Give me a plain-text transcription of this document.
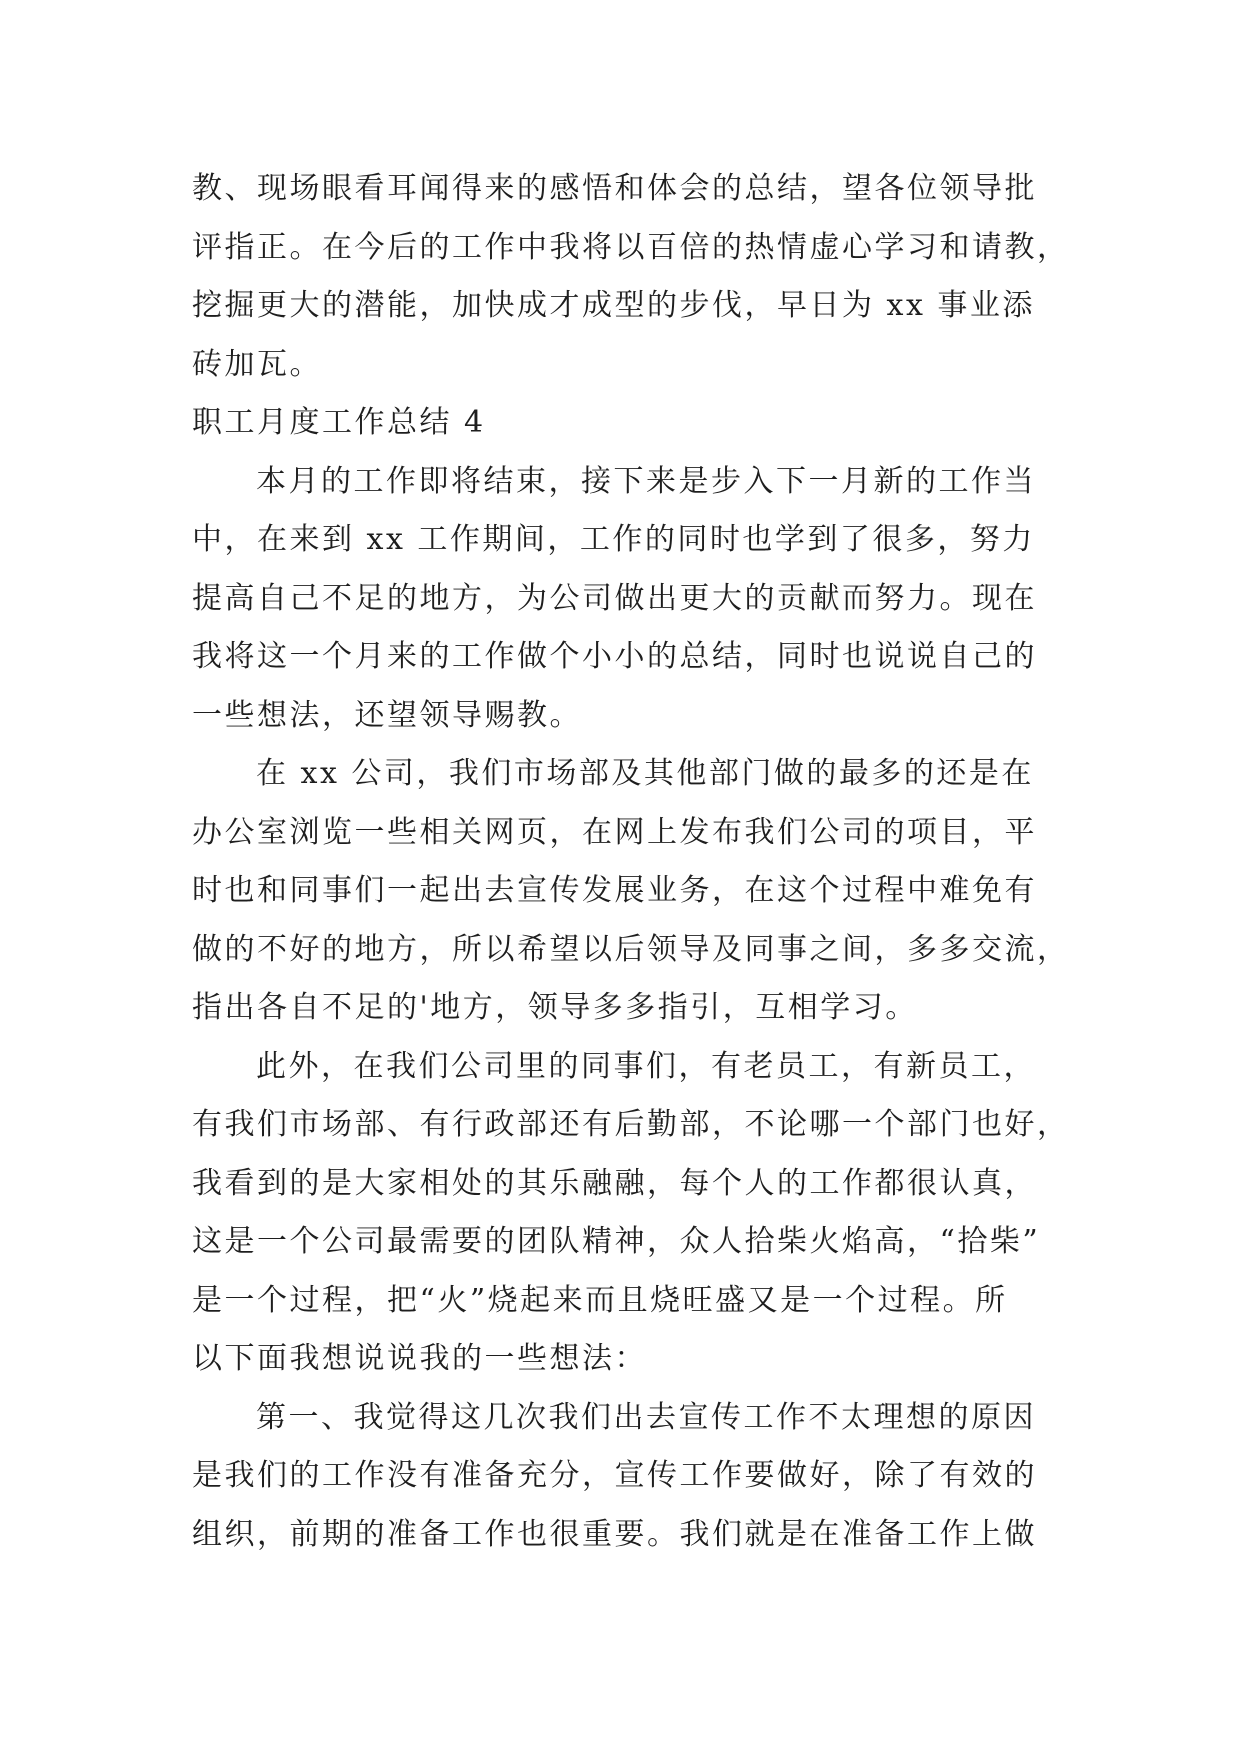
教、现场眼看耳闻得来的感悟和体会的总结，望各位领导批
评指正。在今后的工作中我将以百倍的热情虚心学习和请教，
挖掘更大的潜能，加快成才成型的步伐，早日为 xx 事业添
砖加瓦。
职工月度工作总结 4
本月的工作即将结束，接下来是步入下一月新的工作当
中，在来到 xx 工作期间，工作的同时也学到了很多，努力
提高自己不足的地方，为公司做出更大的贡献而努力。现在
我将这一个月来的工作做个小小的总结，同时也说说自己的
一些想法，还望领导赐教。
在 xx 公司，我们市场部及其他部门做的最多的还是在
办公室浏览一些相关网页，在网上发布我们公司的项目，平
时也和同事们一起出去宣传发展业务，在这个过程中难免有
做的不好的地方，所以希望以后领导及同事之间，多多交流，
指出各自不足的'地方，领导多多指引，互相学习。
此外，在我们公司里的同事们，有老员工，有新员工，
有我们市场部、有行政部还有后勤部，不论哪一个部门也好，
我看到的是大家相处的其乐融融，每个人的工作都很认真，
这是一个公司最需要的团队精神，众人拾柴火焰高，“拾柴”
是一个过程，把“火”烧起来而且烧旺盛又是一个过程。所
以下面我想说说我的一些想法：
第一、我觉得这几次我们出去宣传工作不太理想的原因
是我们的工作没有准备充分，宣传工作要做好，除了有效的
组织，前期的准备工作也很重要。我们就是在准备工作上做
